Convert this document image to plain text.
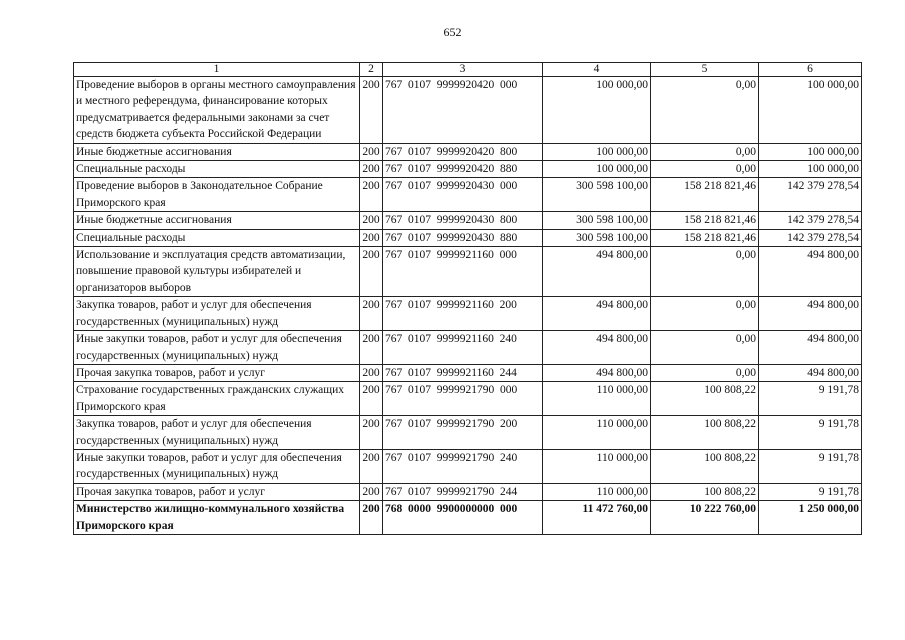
652
1	2	3	4	5	6
Проведение выборов в органы местного самоуправления и местного референдума, финансирование которых предусматривается федеральными законами за счет средств бюджета субъекта Российской Федерации	200	767  0107  9999920420  000	100 000,00	0,00	100 000,00
Иные бюджетные ассигнования	200	767  0107  9999920420  800	100 000,00	0,00	100 000,00
Специальные расходы	200	767  0107  9999920420  880	100 000,00	0,00	100 000,00
Проведение выборов в Законодательное Собрание Приморского края	200	767  0107  9999920430  000	300 598 100,00	158 218 821,46	142 379 278,54
Иные бюджетные ассигнования	200	767  0107  9999920430  800	300 598 100,00	158 218 821,46	142 379 278,54
Специальные расходы	200	767  0107  9999920430  880	300 598 100,00	158 218 821,46	142 379 278,54
Использование и эксплуатация средств автоматизации, повышение правовой культуры избирателей и организаторов выборов	200	767  0107  9999921160  000	494 800,00	0,00	494 800,00
Закупка товаров, работ и услуг для обеспечения государственных (муниципальных) нужд	200	767  0107  9999921160  200	494 800,00	0,00	494 800,00
Иные закупки товаров, работ и услуг для обеспечения государственных (муниципальных) нужд	200	767  0107  9999921160  240	494 800,00	0,00	494 800,00
Прочая закупка товаров, работ и услуг	200	767  0107  9999921160  244	494 800,00	0,00	494 800,00
Страхование государственных гражданских служащих Приморского края	200	767  0107  9999921790  000	110 000,00	100 808,22	9 191,78
Закупка товаров, работ и услуг для обеспечения государственных (муниципальных) нужд	200	767  0107  9999921790  200	110 000,00	100 808,22	9 191,78
Иные закупки товаров, работ и услуг для обеспечения государственных (муниципальных) нужд	200	767  0107  9999921790  240	110 000,00	100 808,22	9 191,78
Прочая закупка товаров, работ и услуг	200	767  0107  9999921790  244	110 000,00	100 808,22	9 191,78
Министерство жилищно-коммунального хозяйства Приморского края	200	768  0000  9900000000  000	11 472 760,00	10 222 760,00	1 250 000,00
